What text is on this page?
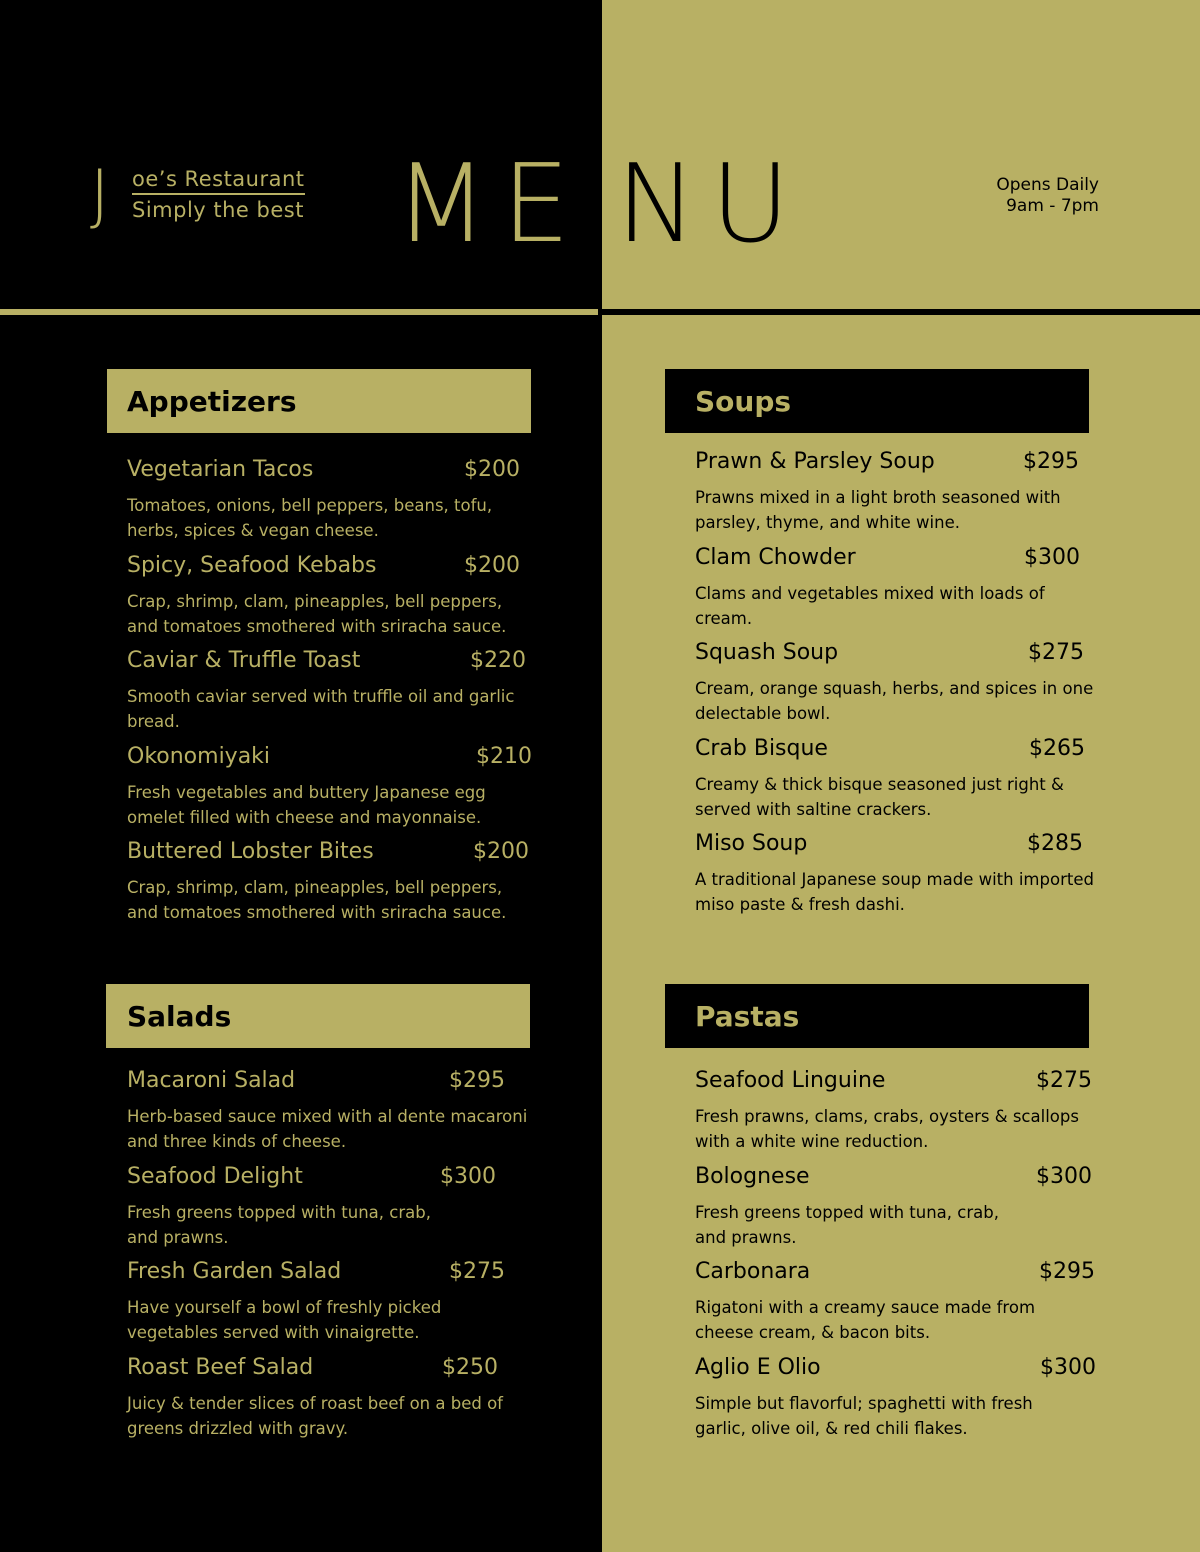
J oe’s Restaurant
Simply the best ME NU	Opens Daily
9am - 7pm
Appetizers
Vegetarian Tacos	$200
Tomatoes, onions, bell peppers, beans, tofu, herbs, spices & vegan cheese.
Spicy, Seafood Kebabs	$200
Crap, shrimp, clam, pineapples, bell peppers, and tomatoes smothered with sriracha sauce.
Caviar & Truffle Toast	$220
Smooth caviar served with truffle oil and garlic bread.
Okonomiyaki	$210
Fresh vegetables and buttery Japanese egg omelet filled with cheese and mayonnaise.
Buttered Lobster Bites	$200
Crap, shrimp, clam, pineapples, bell peppers, and tomatoes smothered with sriracha sauce.
Soups
Prawn & Parsley Soup	$295
Prawns mixed in a light broth seasoned with parsley, thyme, and white wine.
Clam Chowder	$300
Clams and vegetables mixed with loads of cream.
Squash Soup	$275
Cream, orange squash, herbs, and spices in one delectable bowl.
Crab Bisque	$265
Creamy & thick bisque seasoned just right & served with saltine crackers.
Miso Soup	$285
A traditional Japanese soup made with imported miso paste & fresh dashi.
Salads
Macaroni Salad	$295
Herb-based sauce mixed with al dente macaroni and three kinds of cheese.
Seafood Delight	$300
Fresh greens topped with tuna, crab, and prawns.
Fresh Garden Salad	$275
Have yourself a bowl of freshly picked vegetables served with vinaigrette.
Roast Beef Salad	$250
Juicy & tender slices of roast beef on a bed of greens drizzled with gravy.
Pastas
Seafood Linguine	$275
Fresh prawns, clams, crabs, oysters & scallops with a white wine reduction.
Bolognese	$300
Fresh greens topped with tuna, crab, and prawns.
Carbonara	$295
Rigatoni with a creamy sauce made from cheese cream, & bacon bits.
Aglio E Olio	$300
Simple but flavorful; spaghetti with fresh garlic, olive oil, & red chili flakes.
